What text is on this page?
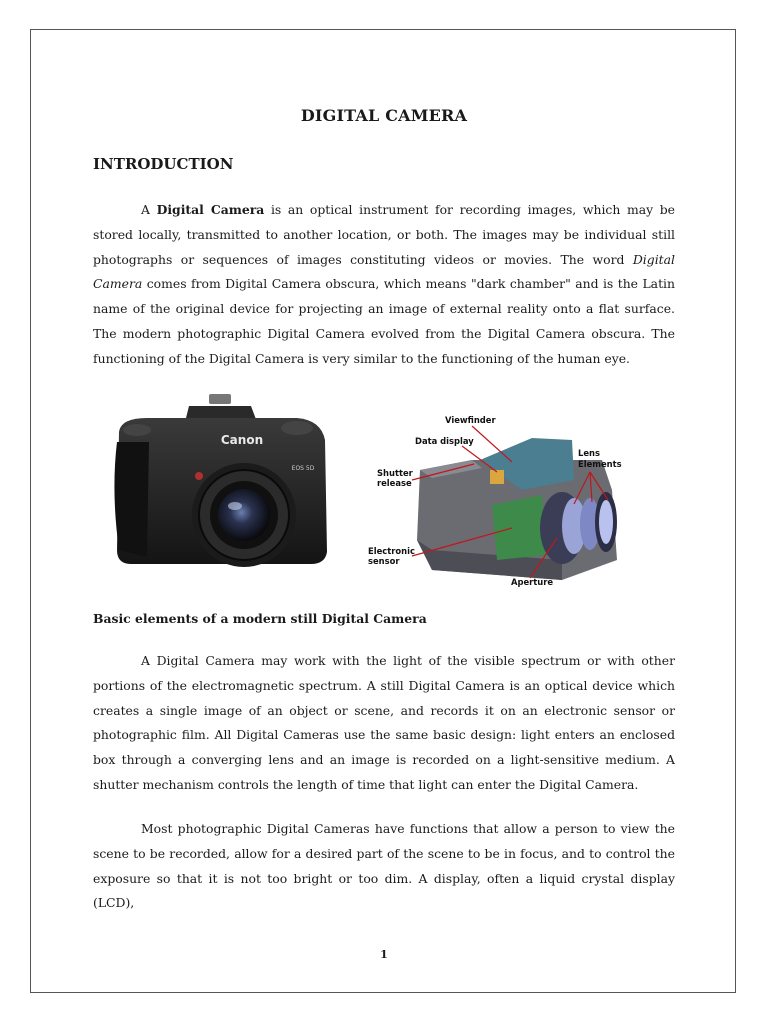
DIGITAL CAMERA
INTRODUCTION

A Digital Camera is an optical instrument for recording images, which may be stored locally, transmitted to another location, or both. The images may be individual still photographs or sequences of images constituting videos or movies. The word Digital Camera comes from Digital Camera obscura, which means "dark chamber" and is the Latin name of the original device for projecting an image of external reality onto a flat surface. The modern photographic Digital Camera evolved from the Digital Camera obscura. The functioning of the Digital Camera is very similar to the functioning of the human eye.

Canon
EOS 5D
Viewfinder
Data display
Lens
Elements
Shutter
release
Electronic
sensor
Aperture
Basic elements of a modern still Digital Camera

A Digital Camera may work with the light of the visible spectrum or with other portions of the electromagnetic spectrum. A still Digital Camera is an optical device which creates a single image of an object or scene, and records it on an electronic sensor or photographic film. All Digital Cameras use the same basic design: light enters an enclosed box through a converging lens and an image is recorded on a light-sensitive medium. A shutter mechanism controls the length of time that light can enter the Digital Camera.

Most photographic Digital Cameras have functions that allow a person to view the scene to be recorded, allow for a desired part of the scene to be in focus, and to control the exposure so that it is not too bright or too dim. A display, often a liquid crystal display (LCD),

1
